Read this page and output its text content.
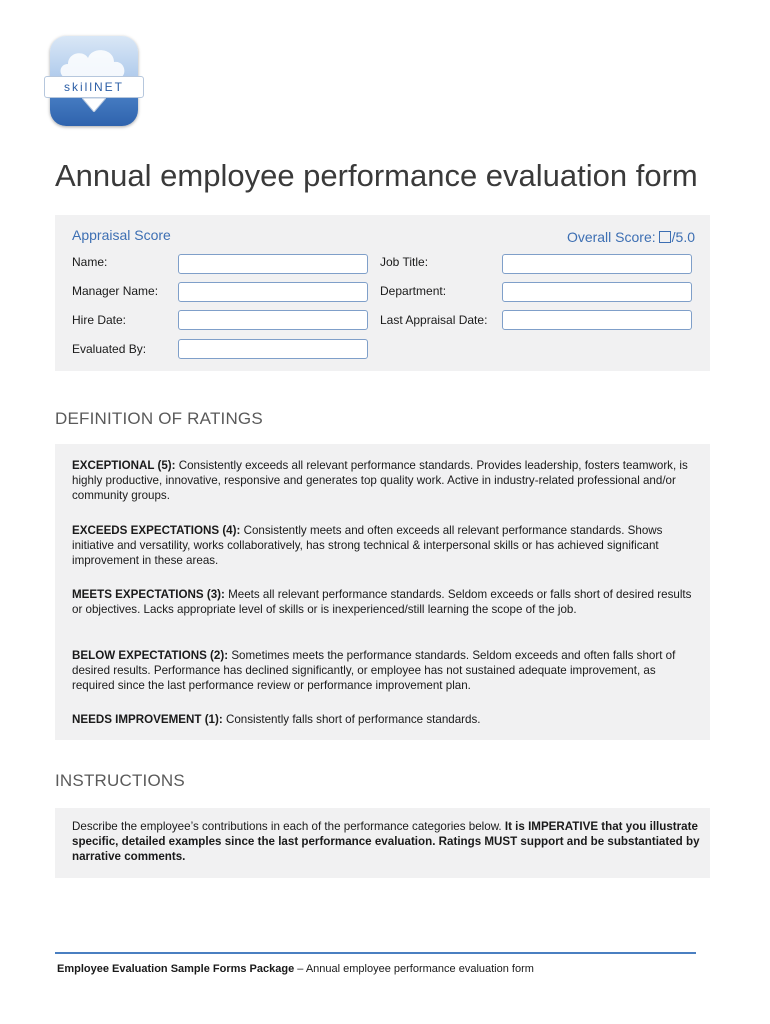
skillNET
Annual employee performance evaluation form
Appraisal Score	Overall Score: /5.0
Name:	Job Title:
Manager Name:	Department:
Hire Date:	Last Appraisal Date:
Evaluated By:
DEFINITION OF RATINGS
EXCEPTIONAL (5): Consistently exceeds all relevant performance standards. Provides leadership, fosters teamwork, is highly productive, innovative, responsive and generates top quality work. Active in industry-related professional and/or community groups.
EXCEEDS EXPECTATIONS (4): Consistently meets and often exceeds all relevant performance standards. Shows initiative and versatility, works collaboratively, has strong technical & interpersonal skills or has achieved significant improvement in these areas.
MEETS EXPECTATIONS (3): Meets all relevant performance standards. Seldom exceeds or falls short of desired results or objectives. Lacks appropriate level of skills or is inexperienced/still learning the scope of the job.
BELOW EXPECTATIONS (2): Sometimes meets the performance standards. Seldom exceeds and often falls short of desired results. Performance has declined significantly, or employee has not sustained adequate improvement, as required since the last performance review or performance improvement plan.
NEEDS IMPROVEMENT (1): Consistently falls short of performance standards.
INSTRUCTIONS
Describe the employee’s contributions in each of the performance categories below. It is IMPERATIVE that you illustrate specific, detailed examples since the last performance evaluation. Ratings MUST support and be substantiated by narrative comments.
Employee Evaluation Sample Forms Package – Annual employee performance evaluation form
